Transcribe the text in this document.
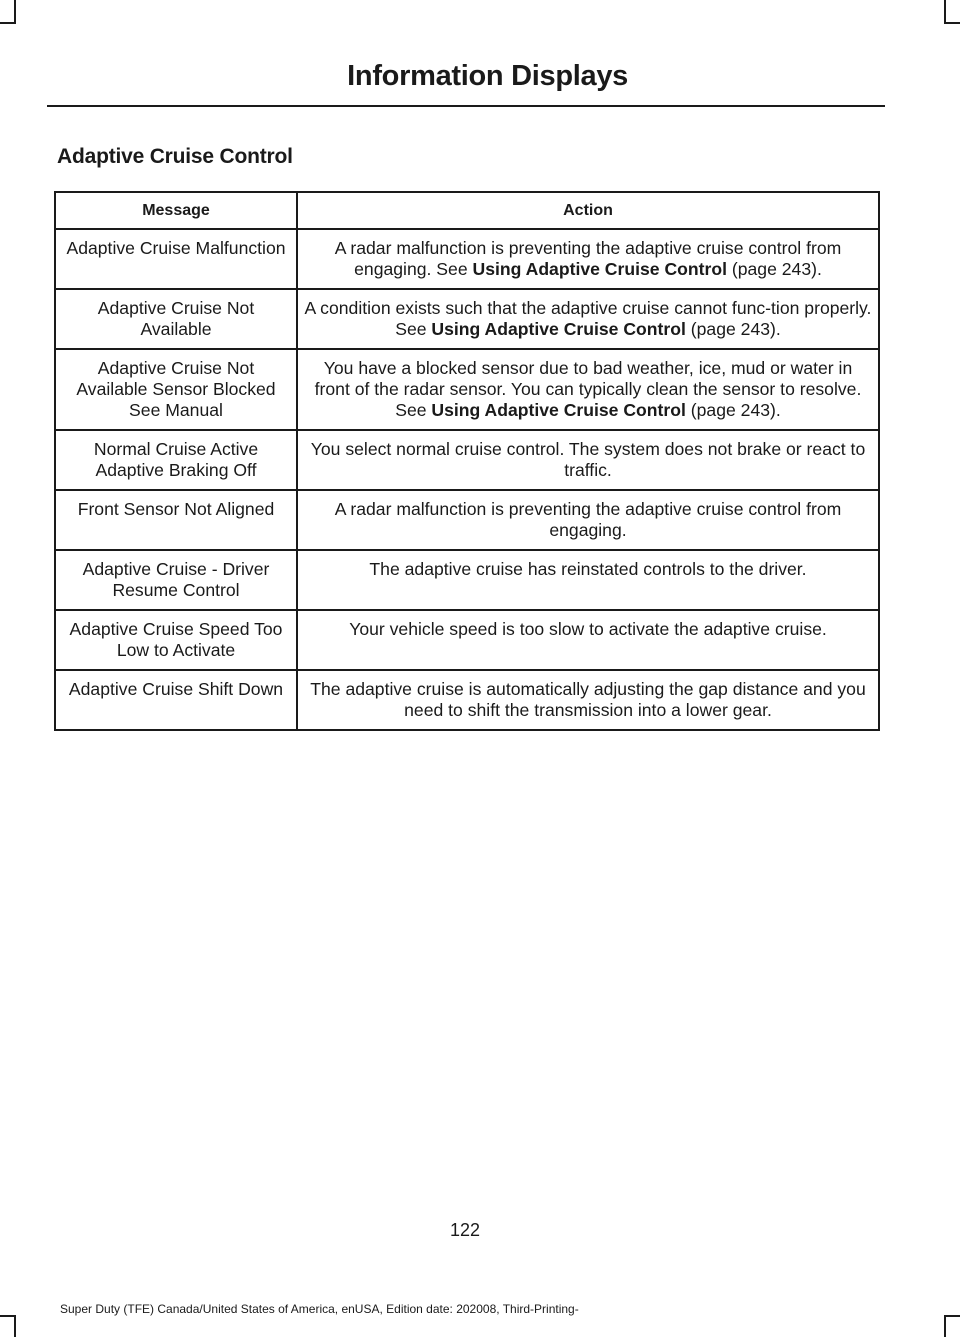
Information Displays
Adaptive Cruise Control
Message	Action
Adaptive Cruise Malfunction	A radar malfunction is preventing the adaptive cruise control from engaging. See Using Adaptive Cruise Control (page 243).
Adaptive Cruise Not Available	A condition exists such that the adaptive cruise cannot func-tion properly. See Using Adaptive Cruise Control (page 243).
Adaptive Cruise Not Available Sensor Blocked See Manual	You have a blocked sensor due to bad weather, ice, mud or water in front of the radar sensor. You can typically clean the sensor to resolve. See Using Adaptive Cruise Control (page 243).
Normal Cruise Active Adaptive Braking Off	You select normal cruise control. The system does not brake or react to traffic.
Front Sensor Not Aligned	A radar malfunction is preventing the adaptive cruise control from engaging.
Adaptive Cruise - Driver Resume Control	The adaptive cruise has reinstated controls to the driver.
Adaptive Cruise Speed Too Low to Activate	Your vehicle speed is too slow to activate the adaptive cruise.
Adaptive Cruise Shift Down	The adaptive cruise is automatically adjusting the gap distance and you need to shift the transmission into a lower gear.
122
Super Duty (TFE) Canada/United States of America, enUSA, Edition date: 202008, Third-Printing-
